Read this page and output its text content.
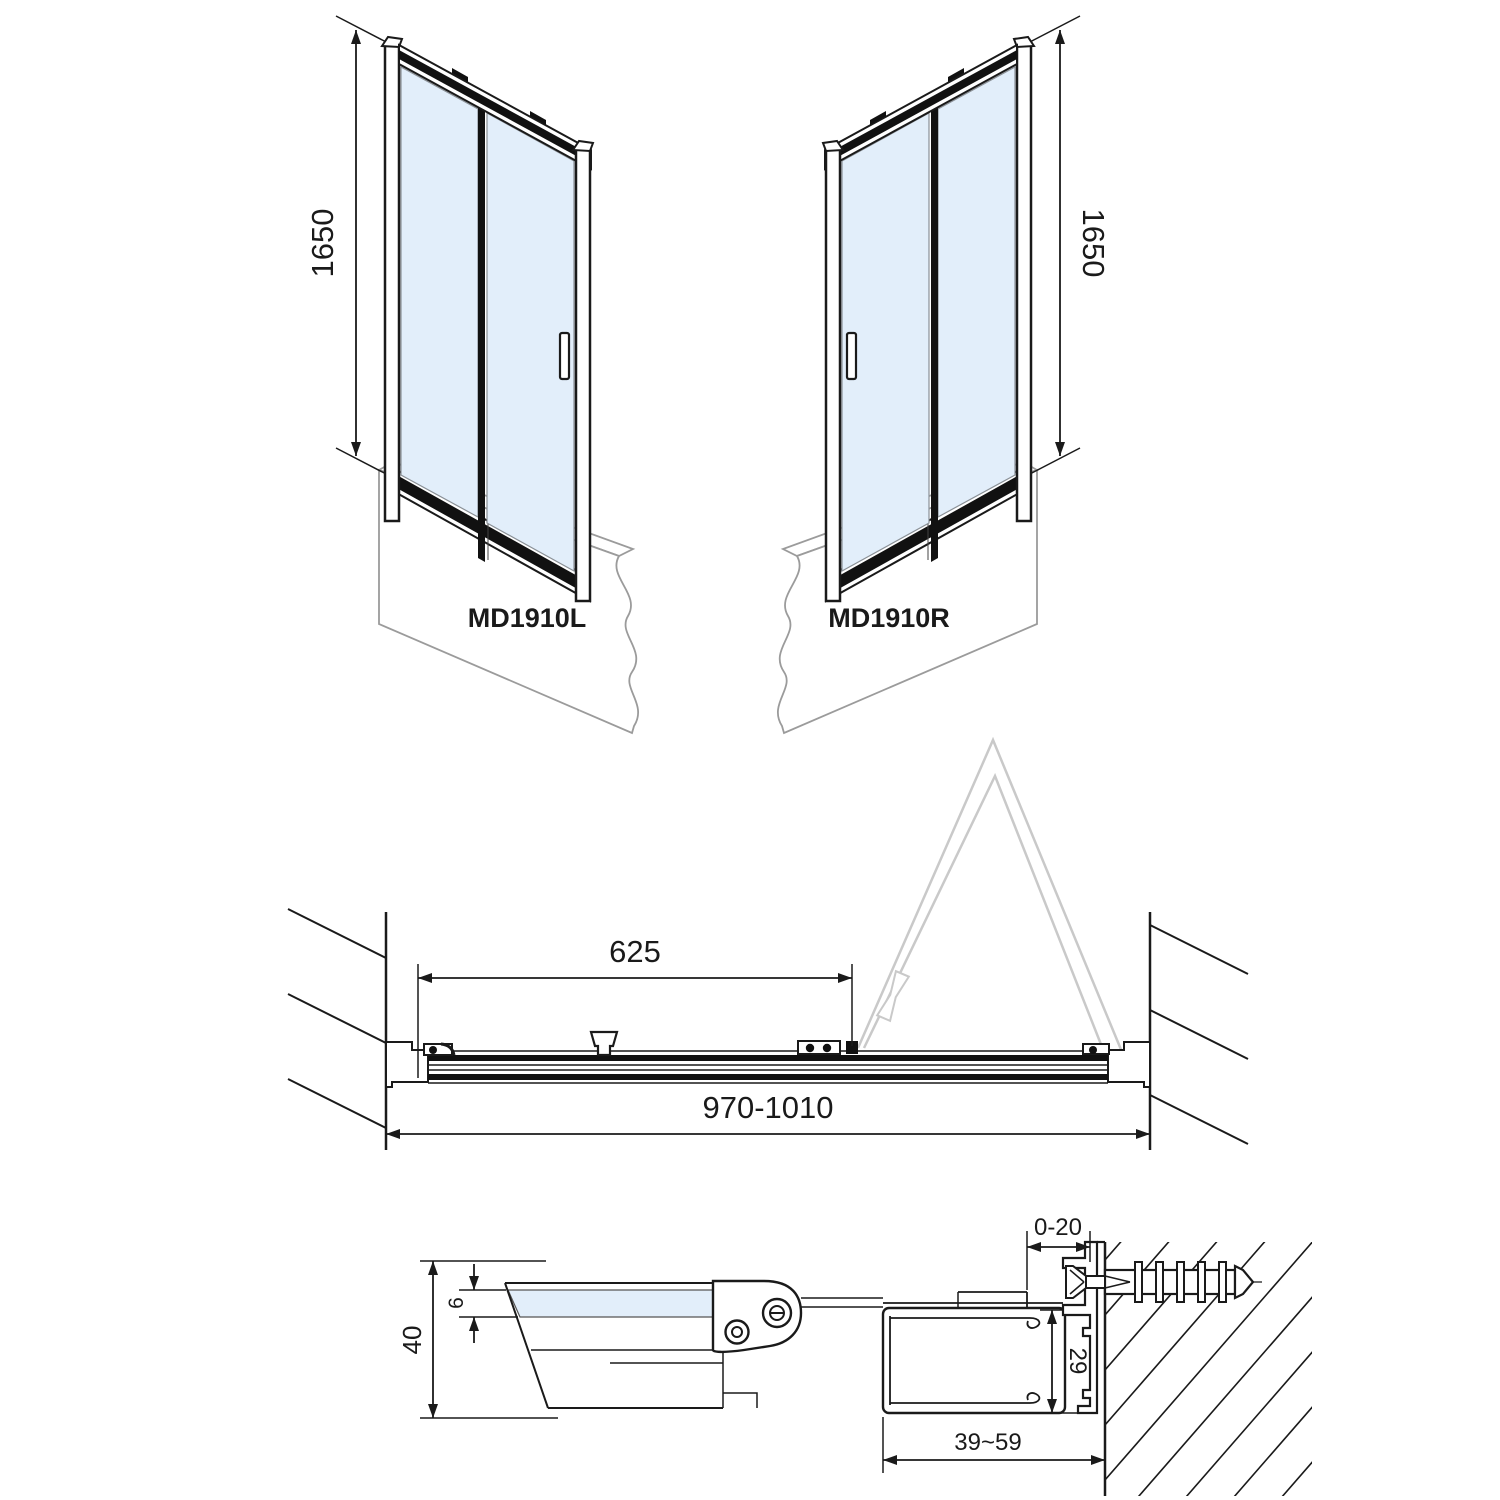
1650	1650
MD1910L	MD1910R
625
970-1010
40
6
0-20
29
39~59
